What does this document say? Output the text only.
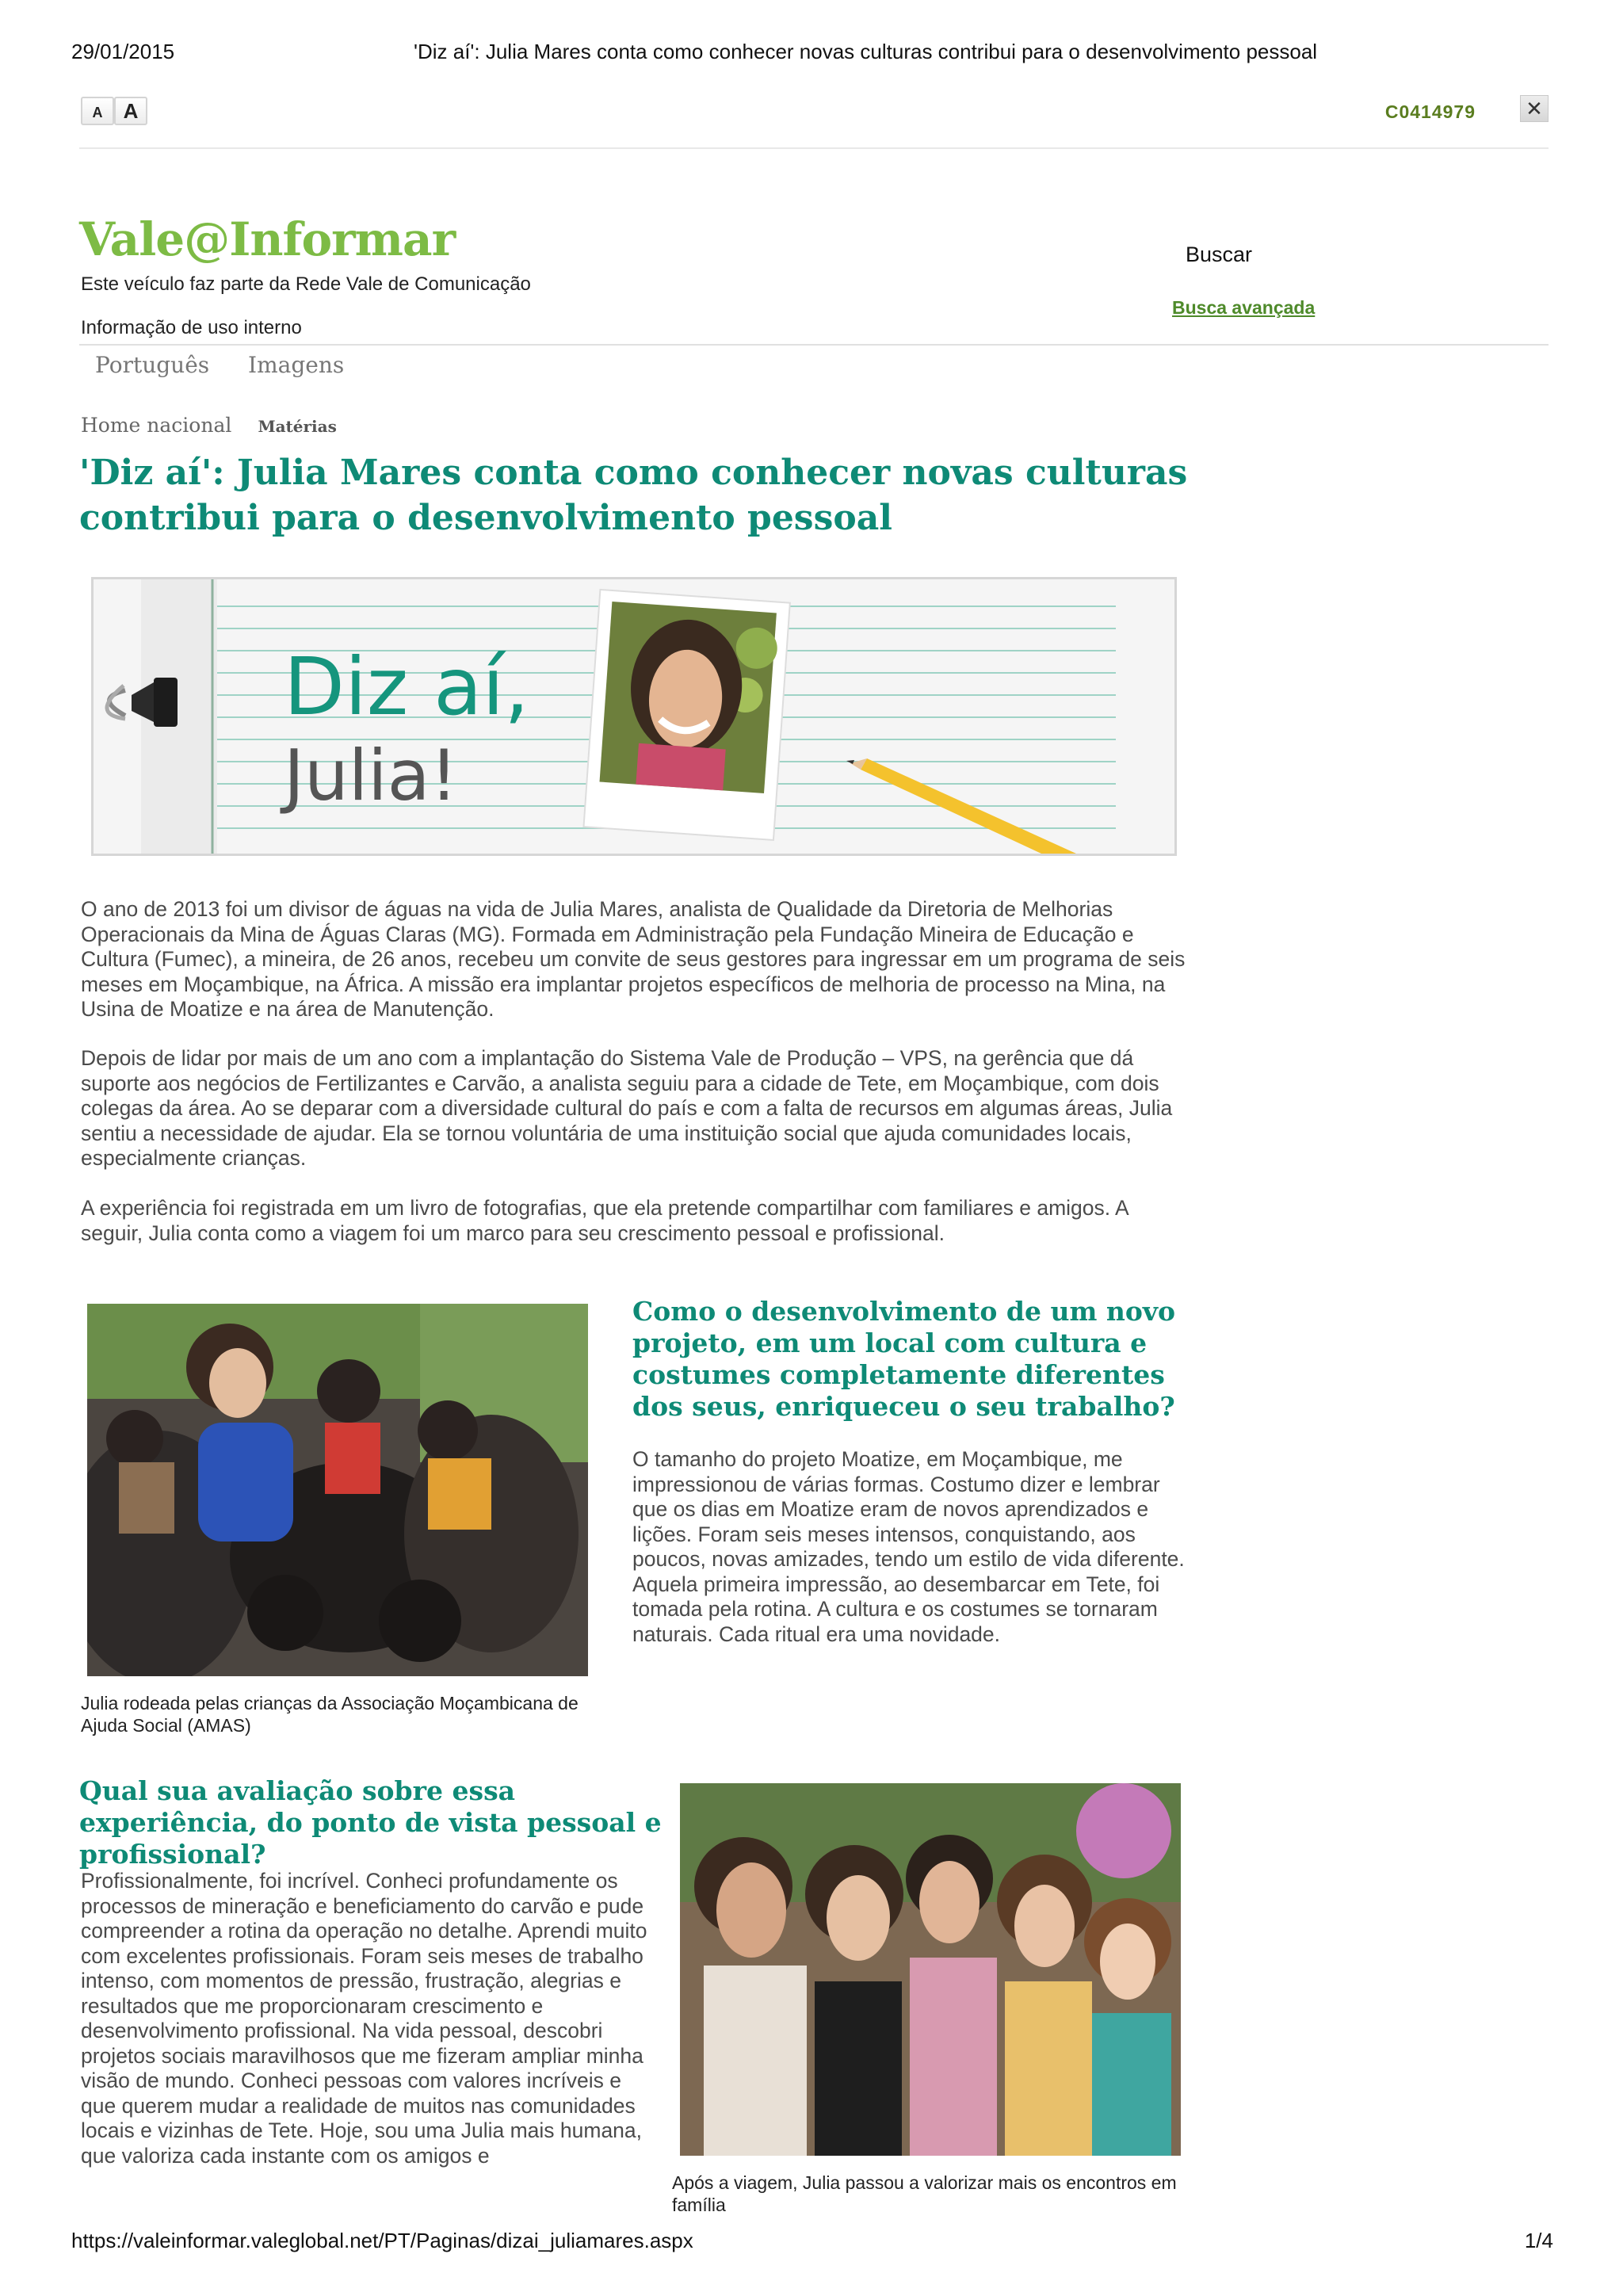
29/01/2015	'Diz aí': Julia Mares conta como conhecer novas culturas contribui para o desenvolvimento pessoal
A	A	C0414979 ✕
Vale@Informar
Este veículo faz parte da Rede Vale de Comunicação
Informação de uso interno
Buscar
Busca avançada
Português Imagens
Home nacional Matérias
'Diz aí': Julia Mares conta como conhecer novas culturas contribui para o desenvolvimento pessoal
Diz aí,
Julia!

O ano de 2013 foi um divisor de águas na vida de Julia Mares, analista de Qualidade da Diretoria de Melhorias Operacionais da Mina de Águas Claras (MG). Formada em Administração pela Fundação Mineira de Educação e Cultura (Fumec), a mineira, de 26 anos, recebeu um convite de seus gestores para ingressar em um programa de seis meses em Moçambique, na África. A missão era implantar projetos específicos de melhoria de processo na Mina, na Usina de Moatize e na área de Manutenção.

Depois de lidar por mais de um ano com a implantação do Sistema Vale de Produção – VPS, na gerência que dá suporte aos negócios de Fertilizantes e Carvão, a analista seguiu para a cidade de Tete, em Moçambique, com dois colegas da área. Ao se deparar com a diversidade cultural do país e com a falta de recursos em algumas áreas, Julia sentiu a necessidade de ajudar. Ela se tornou voluntária de uma instituição social que ajuda comunidades locais, especialmente crianças.

A experiência foi registrada em um livro de fotografias, que ela pretende compartilhar com familiares e amigos. A seguir, Julia conta como a viagem foi um marco para seu crescimento pessoal e profissional.

Julia rodeada pelas crianças da Associação Moçambicana de Ajuda Social (AMAS)
Como o desenvolvimento de um novo projeto, em um local com cultura e costumes completamente diferentes dos seus, enriqueceu o seu trabalho?

O tamanho do projeto Moatize, em Moçambique, me impressionou de várias formas. Costumo dizer e lembrar que os dias em Moatize eram de novos aprendizados e lições. Foram seis meses intensos, conquistando, aos poucos, novas amizades, tendo um estilo de vida diferente. Aquela primeira impressão, ao desembarcar em Tete, foi tomada pela rotina. A cultura e os costumes se tornaram naturais. Cada ritual era uma novidade.

Qual sua avaliação sobre essa experiência, do ponto de vista pessoal e profissional?

Profissionalmente, foi incrível. Conheci profundamente os processos de mineração e beneficiamento do carvão e pude compreender a rotina da operação no detalhe. Aprendi muito com excelentes profissionais. Foram seis meses de trabalho intenso, com momentos de pressão, frustração, alegrias e resultados que me proporcionaram crescimento e desenvolvimento profissional. Na vida pessoal, descobri projetos sociais maravilhosos que me fizeram ampliar minha visão de mundo. Conheci pessoas com valores incríveis e que querem mudar a realidade de muitos nas comunidades locais e vizinhas de Tete. Hoje, sou uma Julia mais humana, que valoriza cada instante com os amigos e

Após a viagem, Julia passou a valorizar mais os encontros em família
https://valeinformar.valeglobal.net/PT/Paginas/dizai_juliamares.aspx	1/4
